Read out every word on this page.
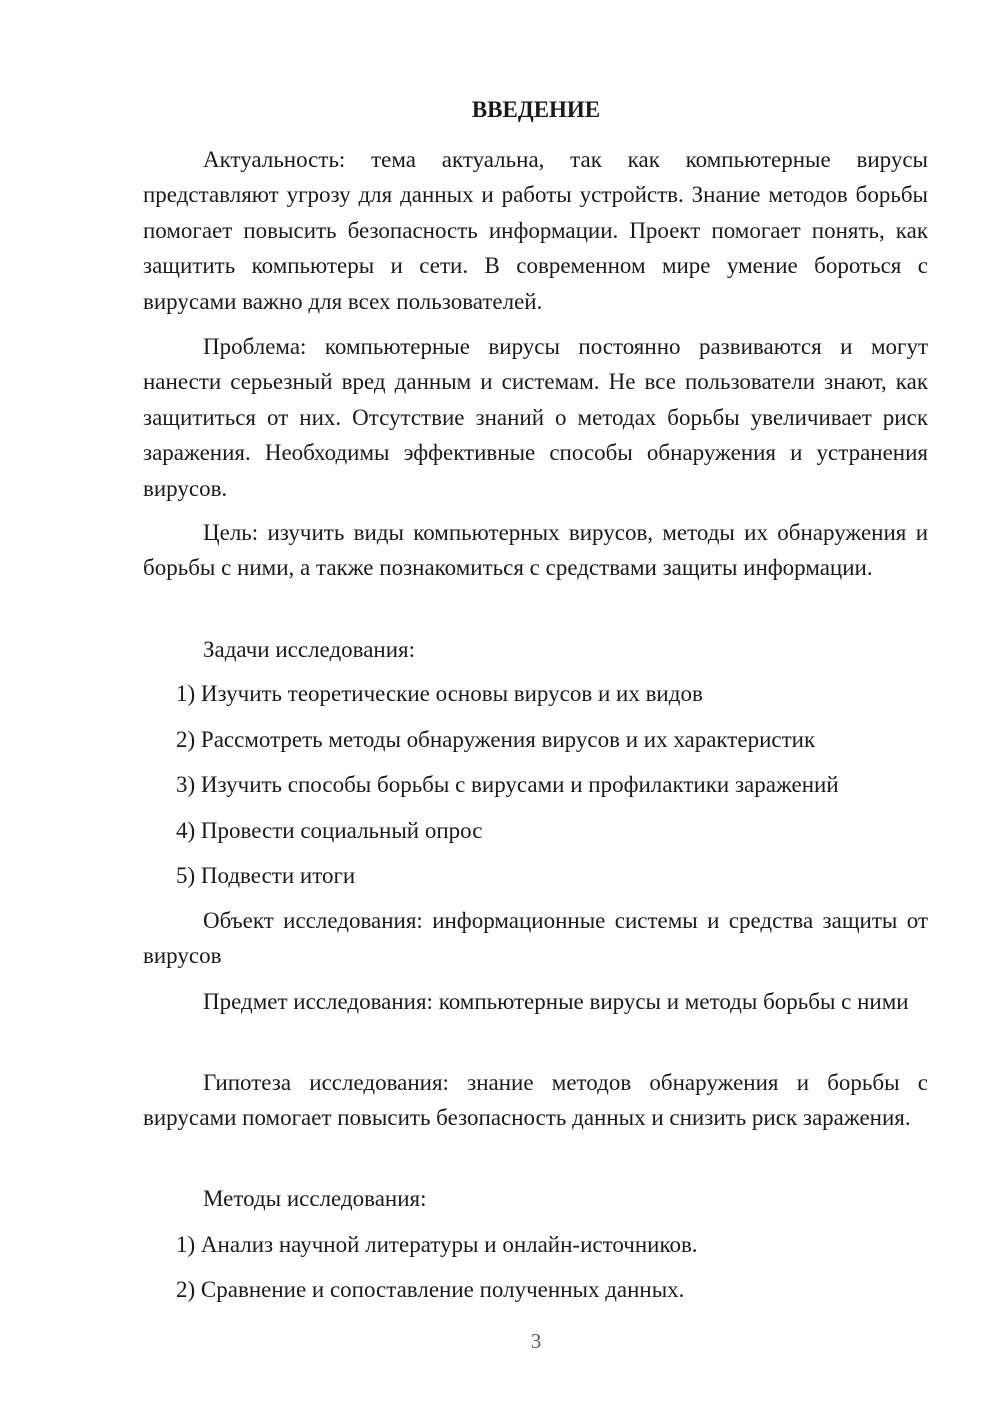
ВВЕДЕНИЕ

Актуальность: тема актуальна, так как компьютерные вирусы представляют угрозу для данных и работы устройств. Знание методов борьбы помогает повысить безопасность информации. Проект помогает понять, как защитить компьютеры и сети. В современном мире умение бороться с вирусами важно для всех пользователей.

Проблема: компьютерные вирусы постоянно развиваются и могут нанести серьезный вред данным и системам. Не все пользователи знают, как защититься от них. Отсутствие знаний о методах борьбы увеличивает риск заражения. Необходимы эффективные способы обнаружения и устранения вирусов.

Цель: изучить виды компьютерных вирусов, методы их обнаружения и борьбы с ними, а также познакомиться с средствами защиты информации.

Задачи исследования:

1) Изучить теоретические основы вирусов и их видов

2) Рассмотреть методы обнаружения вирусов и их характеристик

3) Изучить способы борьбы с вирусами и профилактики заражений

4) Провести социальный опрос

5) Подвести итоги

Объект исследования: информационные системы и средства защиты от вирусов

Предмет исследования: компьютерные вирусы и методы борьбы с ними

Гипотеза исследования: знание методов обнаружения и борьбы с вирусами помогает повысить безопасность данных и снизить риск заражения.

Методы исследования:

1) Анализ научной литературы и онлайн-источников.

2) Сравнение и сопоставление полученных данных.

3
